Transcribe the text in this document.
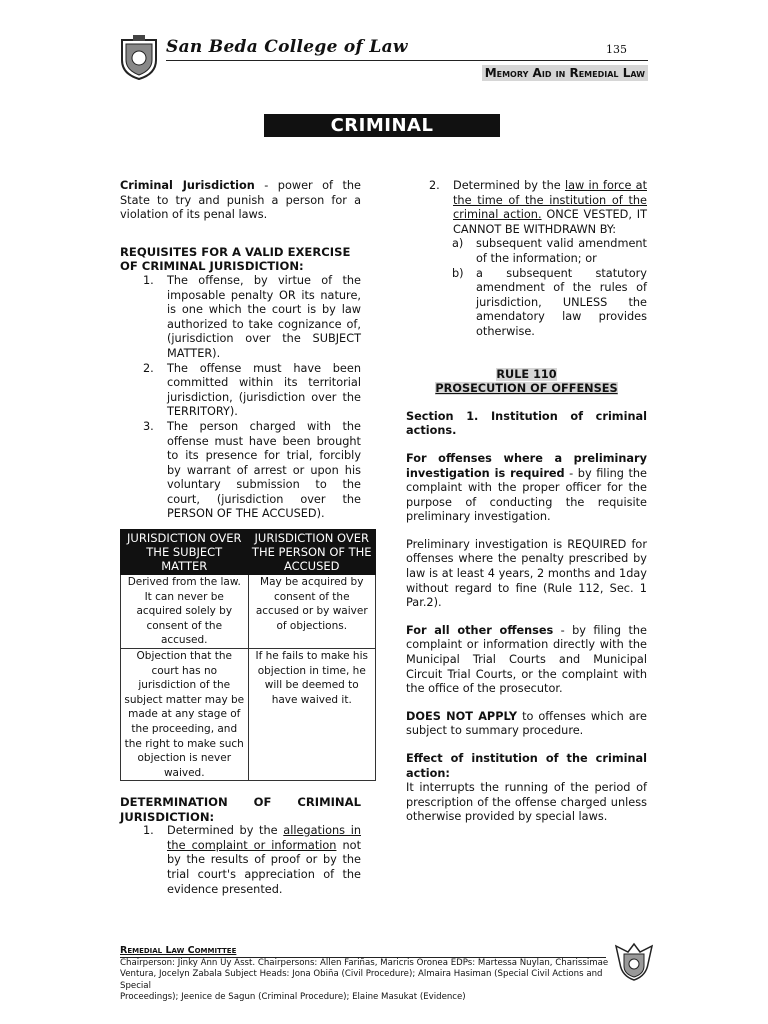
San Beda College of Law	135
Memory Aid in Remedial Law
CRIMINAL PROCEDURE

Criminal Jurisdiction - power of the State to try and punish a person for a violation of its penal laws.

REQUISITES FOR A VALID EXERCISE OF CRIMINAL JURISDICTION:

1. The offense, by virtue of the imposable penalty OR its nature, is one which the court is by law authorized to take cognizance of, (jurisdiction over the SUBJECT MATTER).
2. The offense must have been committed within its territorial jurisdiction, (jurisdiction over the TERRITORY).
3. The person charged with the offense must have been brought to its presence for trial, forcibly by warrant of arrest or upon his voluntary submission to the court, (jurisdiction over the PERSON OF THE ACCUSED).
JURISDICTION OVER THE SUBJECT MATTER	JURISDICTION OVER THE PERSON OF THE ACCUSED
Derived from the law. It can never be acquired solely by consent of the accused.	May be acquired by consent of the accused or by waiver of objections.
Objection that the court has no jurisdiction of the subject matter may be made at any stage of the proceeding, and the right to make such objection is never waived.	If he fails to make his objection in time, he will be deemed to have waived it.

DETERMINATION OF CRIMINAL JURISDICTION:

1. Determined by the allegations in the complaint or information not by the results of proof or by the trial court's appreciation of the evidence presented.
2.	Determined by the law in force at the time of the institution of the criminal action. ONCE VESTED, IT CANNOT BE WITHDRAWN BY:
a) subsequent valid amendment of the information; or
b) a subsequent statutory amendment of the rules of jurisdiction, UNLESS the amendatory law provides otherwise.
RULE 110
PROSECUTION OF OFFENSES

Section 1. Institution of criminal actions.

For offenses where a preliminary investigation is required - by filing the complaint with the proper officer for the purpose of conducting the requisite preliminary investigation.

Preliminary investigation is REQUIRED for offenses where the penalty prescribed by law is at least 4 years, 2 months and 1day without regard to fine (Rule 112, Sec. 1 Par.2).

For all other offenses - by filing the complaint or information directly with the Municipal Trial Courts and Municipal Circuit Trial Courts, or the complaint with the office of the prosecutor.

DOES NOT APPLY to offenses which are subject to summary procedure.

Effect of institution of the criminal action:

It interrupts the running of the period of prescription of the offense charged unless otherwise provided by special laws.

Remedial Law Committee
Chairperson: Jinky Ann Uy Asst. Chairpersons: Allen Fariñas, Maricris Oronea EDPs: Martessa Nuylan, Charissimae
Ventura, Jocelyn Zabala Subject Heads: Jona Obiña (Civil Procedure); Almaira Hasiman (Special Civil Actions and Special
Proceedings); Jeenice de Sagun (Criminal Procedure); Elaine Masukat (Evidence)
